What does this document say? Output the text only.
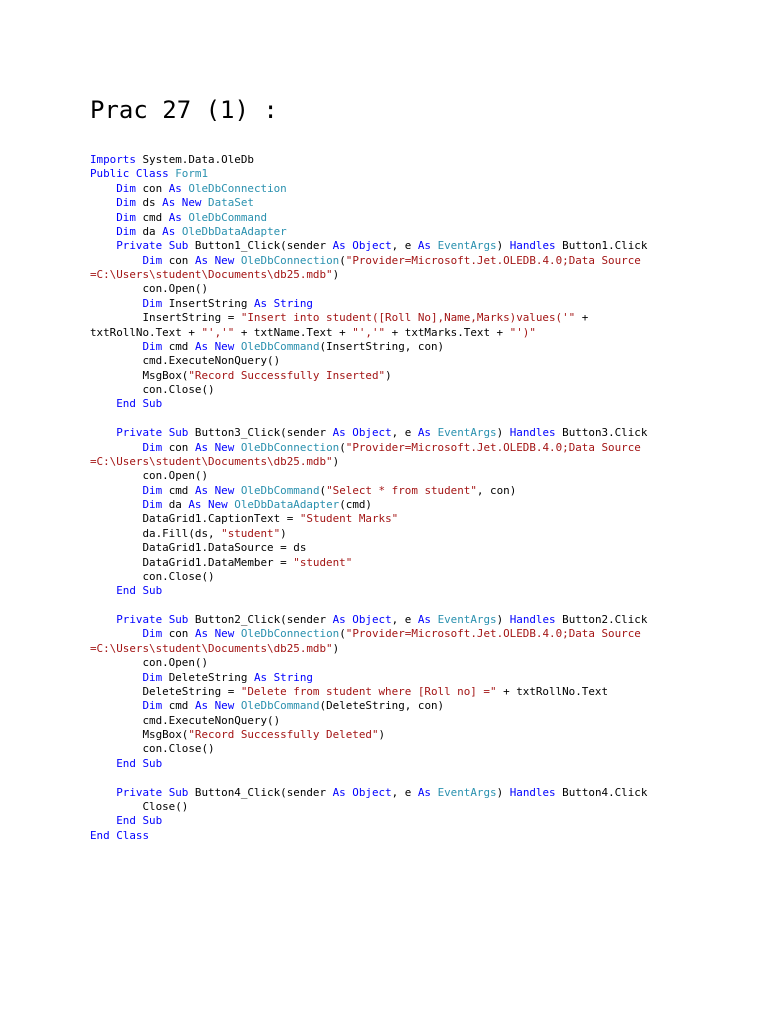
Prac 27 (1) :
Imports System.Data.OleDb
Public Class Form1
Dim con As OleDbConnection
Dim ds As New DataSet
Dim cmd As OleDbCommand
Dim da As OleDbDataAdapter
Private Sub Button1_Click(sender As Object, e As EventArgs) Handles Button1.Click
Dim con As New OleDbConnection("Provider=Microsoft.Jet.OLEDB.4.0;Data Source
=C:\Users\student\Documents\db25.mdb")
con.Open()
Dim InsertString As String
InsertString = "Insert into student([Roll No],Name,Marks)values('" +
txtRollNo.Text + "','" + txtName.Text + "','" + txtMarks.Text + "')"
Dim cmd As New OleDbCommand(InsertString, con)
cmd.ExecuteNonQuery()
MsgBox("Record Successfully Inserted")
con.Close()
End Sub
Private Sub Button3_Click(sender As Object, e As EventArgs) Handles Button3.Click
Dim con As New OleDbConnection("Provider=Microsoft.Jet.OLEDB.4.0;Data Source
=C:\Users\student\Documents\db25.mdb")
con.Open()
Dim cmd As New OleDbCommand("Select * from student", con)
Dim da As New OleDbDataAdapter(cmd)
DataGrid1.CaptionText = "Student Marks"
da.Fill(ds, "student")
DataGrid1.DataSource = ds
DataGrid1.DataMember = "student"
con.Close()
End Sub
Private Sub Button2_Click(sender As Object, e As EventArgs) Handles Button2.Click
Dim con As New OleDbConnection("Provider=Microsoft.Jet.OLEDB.4.0;Data Source
=C:\Users\student\Documents\db25.mdb")
con.Open()
Dim DeleteString As String
DeleteString = "Delete from student where [Roll no] =" + txtRollNo.Text
Dim cmd As New OleDbCommand(DeleteString, con)
cmd.ExecuteNonQuery()
MsgBox("Record Successfully Deleted")
con.Close()
End Sub
Private Sub Button4_Click(sender As Object, e As EventArgs) Handles Button4.Click
Close()
End Sub
End Class
